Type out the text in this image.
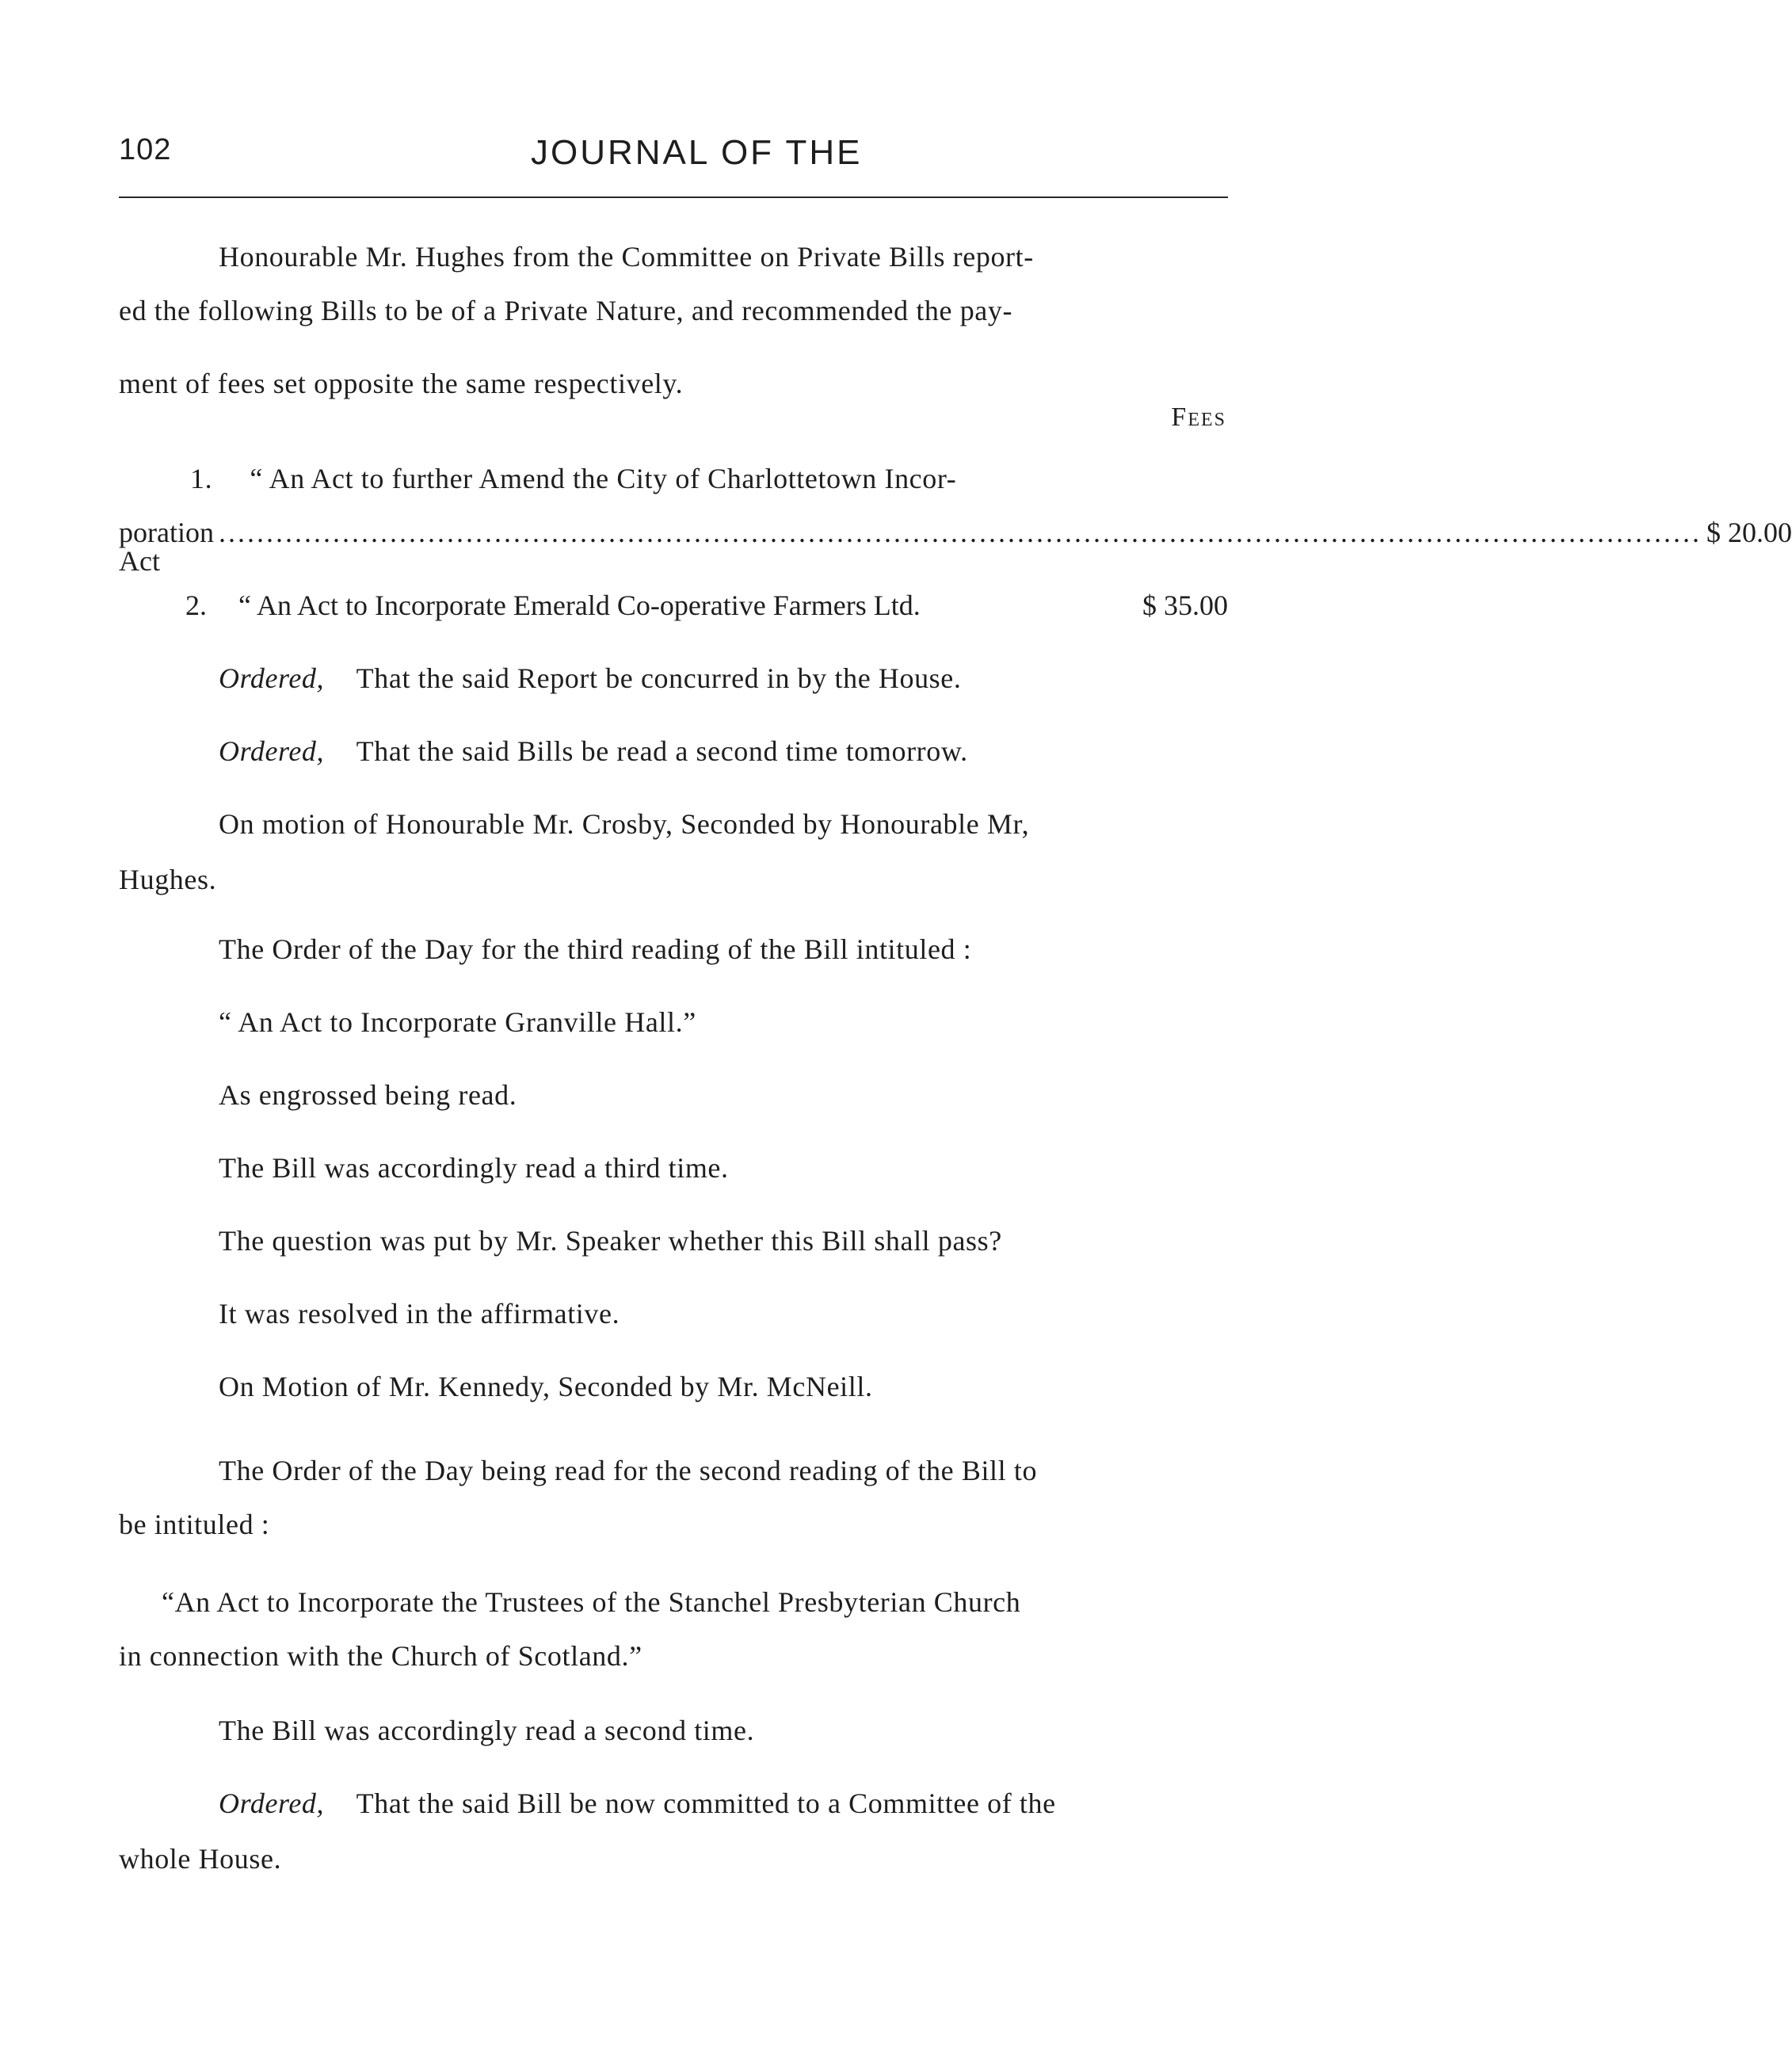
102	JOURNAL OF THE
Honourable Mr. Hughes from the Committee on Private Bills report-
ed the following Bills to be of a Private Nature, and recommended the pay-
ment of fees set opposite the same respectively.
Fees
1. “ An Act to further Amend the City of Charlottetown Incor-
poration Act
............................................................................................................................................................ $ 20.00
2. “ An Act to Incorporate Emerald Co-operative Farmers Ltd.	$ 35.00
Ordered, That the said Report be concurred in by the House.
Ordered, That the said Bills be read a second time tomorrow.
On motion of Honourable Mr. Crosby, Seconded by Honourable Mr,
Hughes.
The Order of the Day for the third reading of the Bill intituled :
“ An Act to Incorporate Granville Hall.”
As engrossed being read.
The Bill was accordingly read a third time.
The question was put by Mr. Speaker whether this Bill shall pass?
It was resolved in the affirmative.
On Motion of Mr. Kennedy, Seconded by Mr. McNeill.
The Order of the Day being read for the second reading of the Bill to
be intituled :
“An Act to Incorporate the Trustees of the Stanchel Presbyterian Church
in connection with the Church of Scotland.”
The Bill was accordingly read a second time.
Ordered, That the said Bill be now committed to a Committee of the
whole House.
